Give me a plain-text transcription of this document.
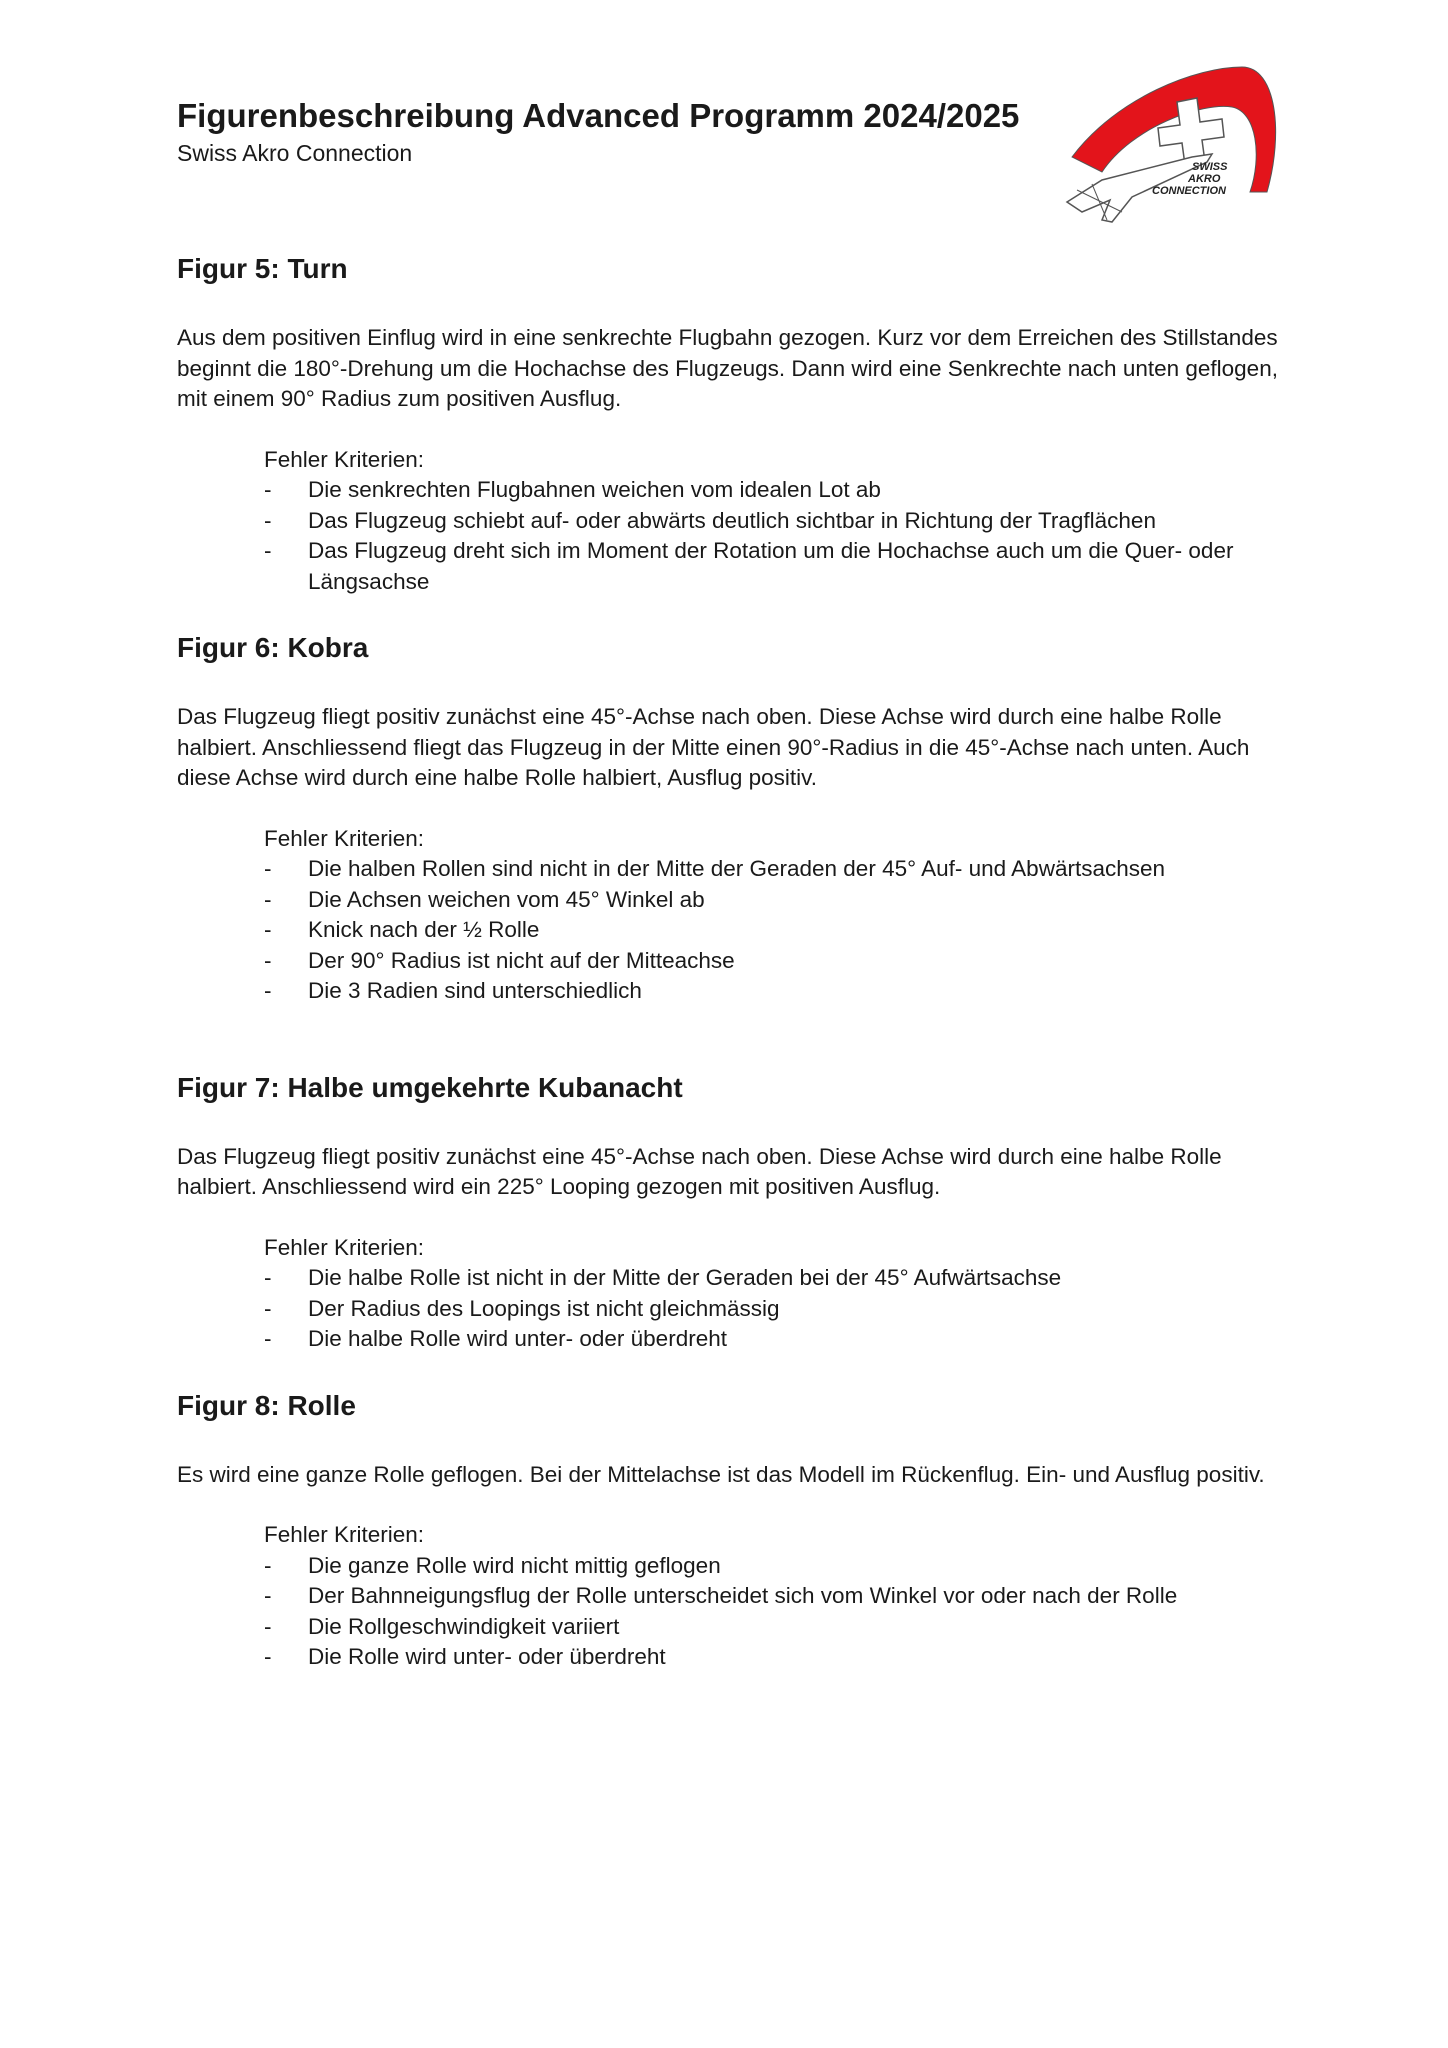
Figurenbeschreibung Advanced Programm 2024/2025

Swiss Akro Connection

SWISS
AKRO
CONNECTION
Figur 5: Turn

Aus dem positiven Einflug wird in eine senkrechte Flugbahn gezogen. Kurz vor dem Erreichen des Stillstandes beginnt die 180°-Drehung um die Hochachse des Flugzeugs. Dann wird eine Senkrechte nach unten geflogen, mit einem 90° Radius zum positiven Ausflug.

Fehler Kriterien:

- Die senkrechten Flugbahnen weichen vom idealen Lot ab
- Das Flugzeug schiebt auf- oder abwärts deutlich sichtbar in Richtung der Tragflächen
- Das Flugzeug dreht sich im Moment der Rotation um die Hochachse auch um die Quer- oder Längsachse
Figur 6: Kobra

Das Flugzeug fliegt positiv zunächst eine 45°-Achse nach oben. Diese Achse wird durch eine halbe Rolle halbiert. Anschliessend fliegt das Flugzeug in der Mitte einen 90°-Radius in die 45°-Achse nach unten. Auch diese Achse wird durch eine halbe Rolle halbiert, Ausflug positiv.

Fehler Kriterien:

- Die halben Rollen sind nicht in der Mitte der Geraden der 45° Auf- und Abwärtsachsen
- Die Achsen weichen vom 45° Winkel ab
- Knick nach der ½ Rolle
- Der 90° Radius ist nicht auf der Mitteachse
- Die 3 Radien sind unterschiedlich
Figur 7: Halbe umgekehrte Kubanacht

Das Flugzeug fliegt positiv zunächst eine 45°-Achse nach oben. Diese Achse wird durch eine halbe Rolle halbiert. Anschliessend wird ein 225° Looping gezogen mit positiven Ausflug.

Fehler Kriterien:

- Die halbe Rolle ist nicht in der Mitte der Geraden bei der 45° Aufwärtsachse
- Der Radius des Loopings ist nicht gleichmässig
- Die halbe Rolle wird unter- oder überdreht
Figur 8: Rolle

Es wird eine ganze Rolle geflogen. Bei der Mittelachse ist das Modell im Rückenflug. Ein- und Ausflug positiv.

Fehler Kriterien:

- Die ganze Rolle wird nicht mittig geflogen
- Der Bahnneigungsflug der Rolle unterscheidet sich vom Winkel vor oder nach der Rolle
- Die Rollgeschwindigkeit variiert
- Die Rolle wird unter- oder überdreht
